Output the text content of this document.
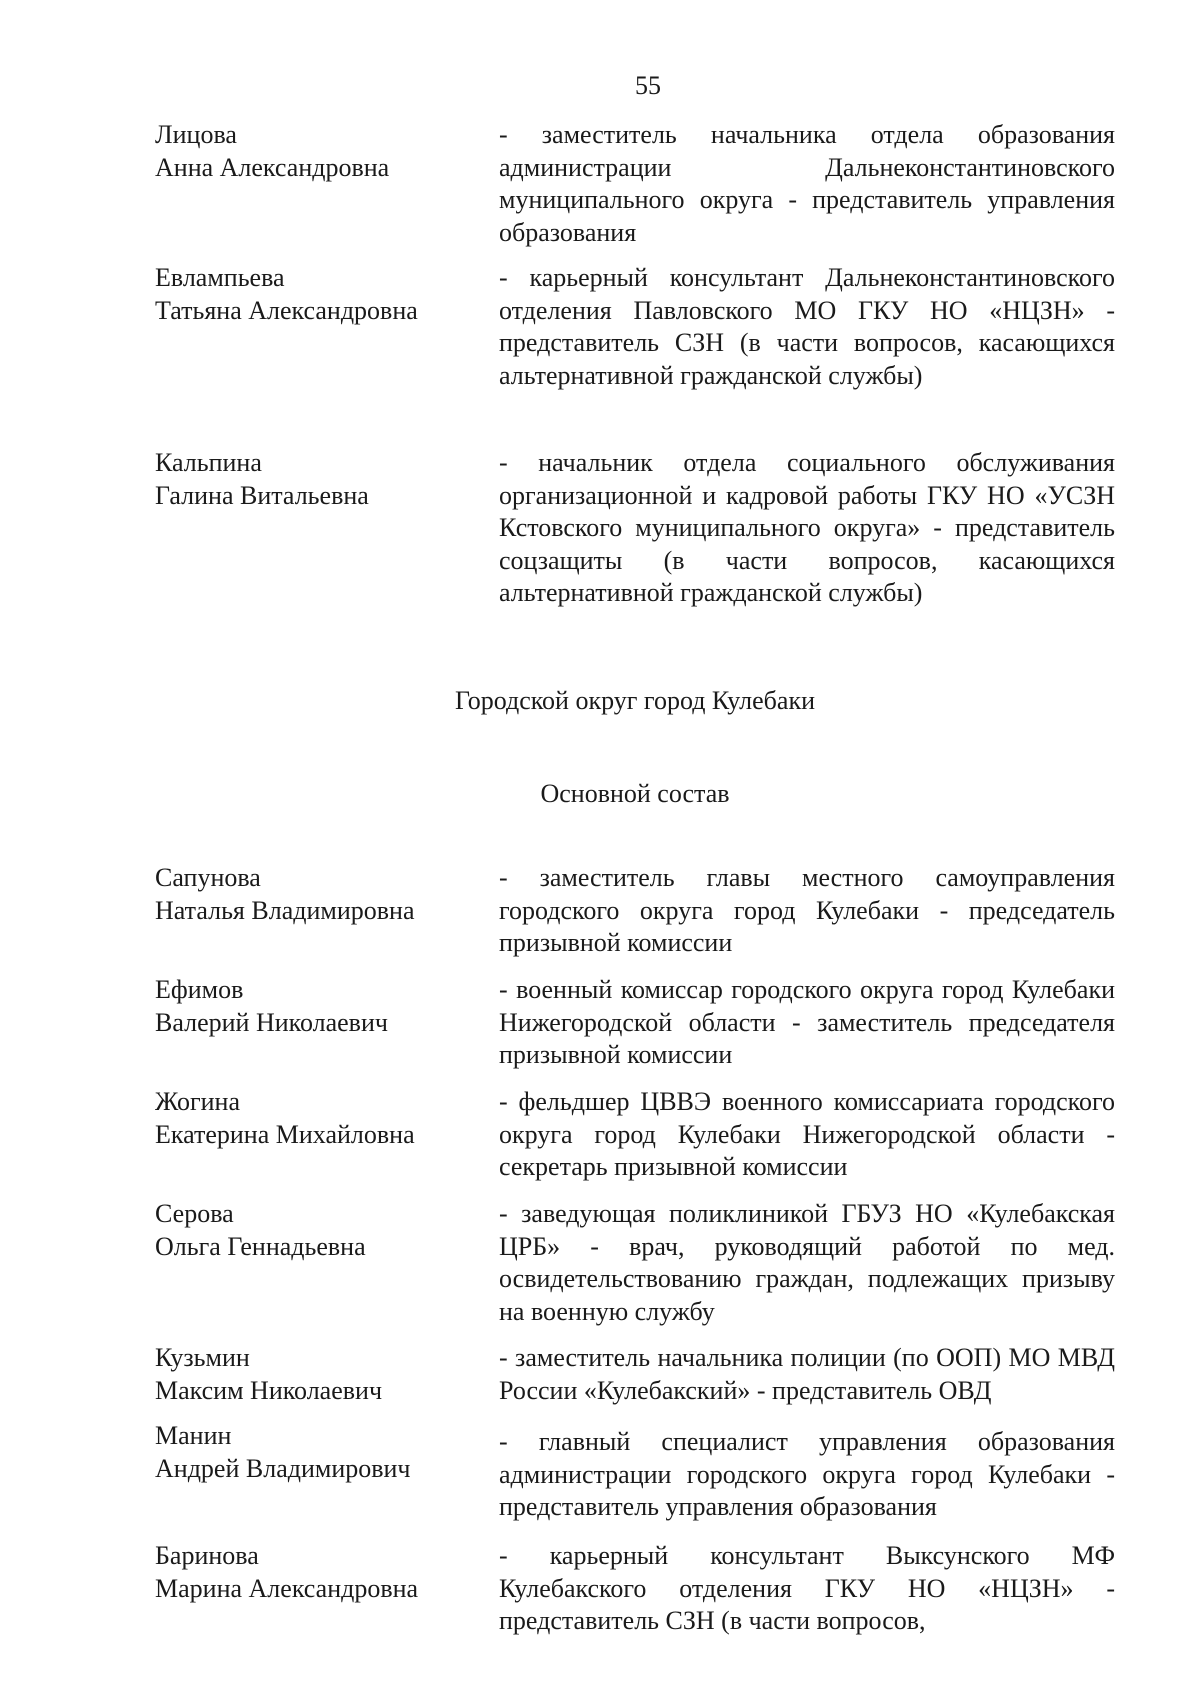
55
Лицова
Анна Александровна
- заместитель начальника отдела образования администрации Дальнеконстантиновского муниципального округа - представитель управления образования
Евлампьева
Татьяна Александровна
- карьерный консультант Дальнеконстантиновского отделения Павловского МО ГКУ НО «НЦЗН» - представитель СЗН (в части вопросов, касающихся альтернативной гражданской службы)
Кальпина
Галина Витальевна
- начальник отдела социального обслуживания организационной и кадровой работы ГКУ НО «УСЗН Кстовского муниципального округа» - представитель соцзащиты (в части вопросов, касающихся альтернативной гражданской службы)
Городской округ город Кулебаки
Основной состав
Сапунова
Наталья Владимировна
- заместитель главы местного самоуправления городского округа город Кулебаки - председатель призывной комиссии
Ефимов
Валерий Николаевич
- военный комиссар городского округа город Кулебаки Нижегородской области - заместитель председателя призывной комиссии
Жогина
Екатерина Михайловна
- фельдшер ЦВВЭ военного комиссариата городского округа город Кулебаки Нижегородской области - секретарь призывной комиссии
Серова
Ольга Геннадьевна
- заведующая поликлиникой ГБУЗ НО «Кулебакская ЦРБ» - врач, руководящий работой по мед. освидетельствованию граждан, подлежащих призыву на военную службу
Кузьмин
Максим Николаевич
- заместитель начальника полиции (по ООП) МО МВД России «Кулебакский» - представитель ОВД
Манин
Андрей Владимирович
- главный специалист управления образования администрации городского округа город Кулебаки - представитель управления образования
Баринова
Марина Александровна
- карьерный консультант Выксунского МФ Кулебакского отделения ГКУ НО «НЦЗН» - представитель СЗН (в части вопросов,
